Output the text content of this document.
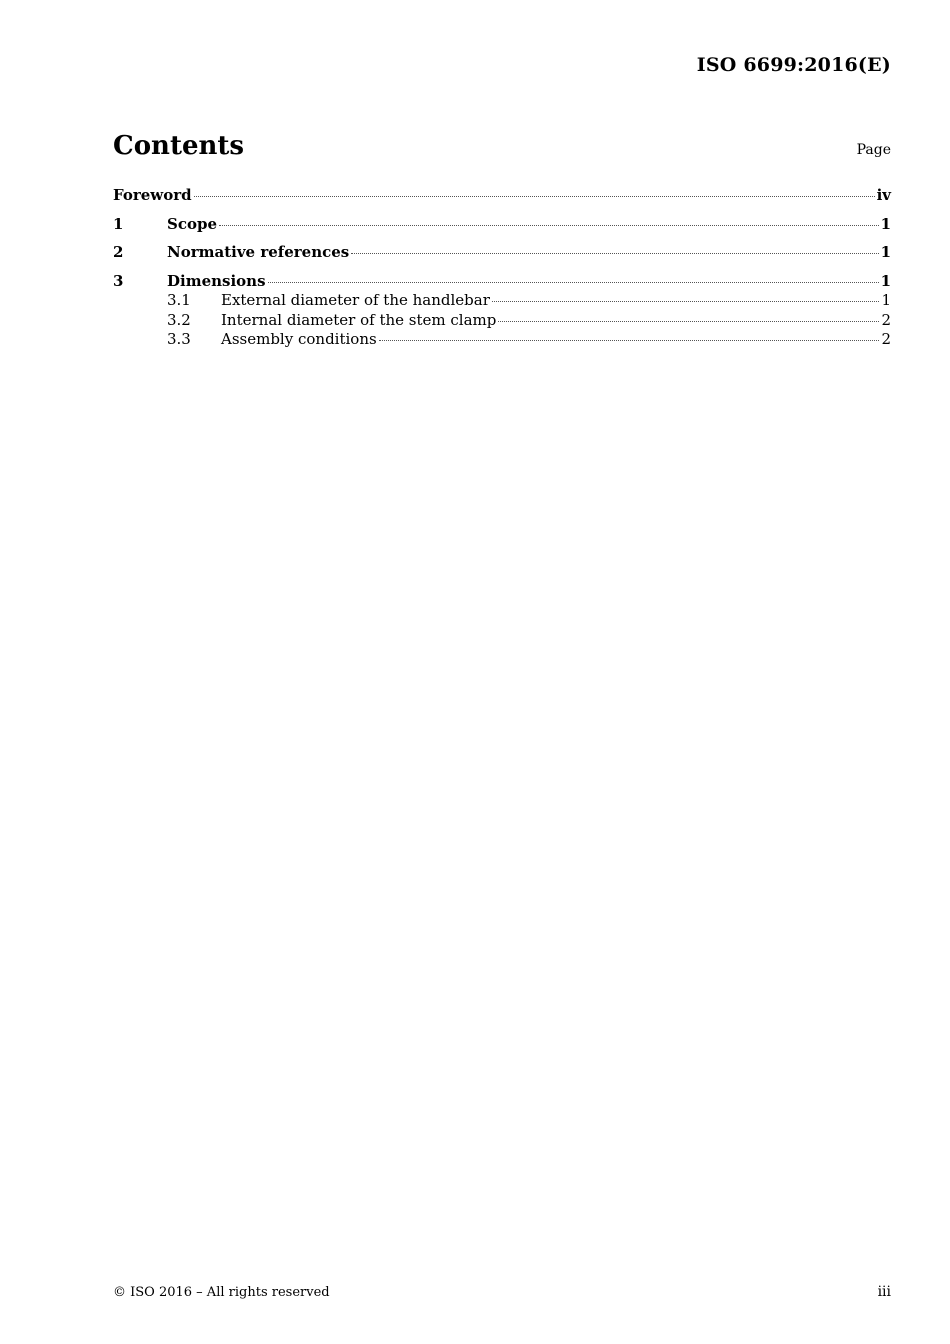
ISO 6699:2016(E)
Contents	Page
Foreword	iv
1	Scope	1
2	Normative references	1
3	Dimensions	1
3.1	External diameter of the handlebar	1
3.2	Internal diameter of the stem clamp	2
3.3	Assembly conditions	2
© ISO 2016 – All rights reserved	iii
